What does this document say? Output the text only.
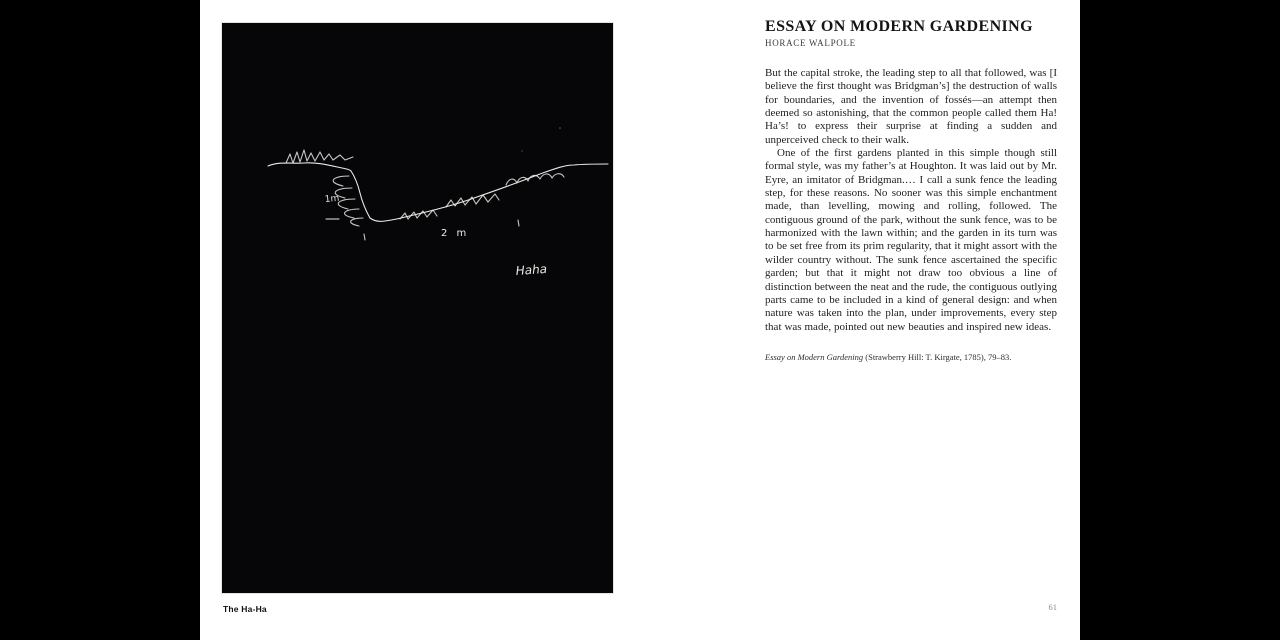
1m
2 m
Haha
The Ha-Ha
ESSAY ON MODERN GARDENING
HORACE WALPOLE

But the capital stroke, the leading step to all that followed, was [I believe the first thought was Bridgman’s] the destruction of walls for boundaries, and the invention of fossés—an attempt then deemed so astonishing, that the common people called them Ha! Ha’s! to express their surprise at finding a sudden and unperceived check to their walk.

One of the first gardens planted in this simple though still formal style, was my father’s at Houghton. It was laid out by Mr. Eyre, an imitator of Bridgman.… I call a sunk fence the leading step, for these reasons. No sooner was this simple enchantment made, than levelling, mowing and rolling, followed. The contiguous ground of the park, without the sunk fence, was to be harmonized with the lawn within; and the garden in its turn was to be set free from its prim regularity, that it might assort with the wilder country without. The sunk fence ascertained the specific garden; but that it might not draw too obvious a line of distinction between the neat and the rude, the contiguous outlying parts came to be included in a kind of general design: and when nature was taken into the plan, under improvements, every step that was made, pointed out new beauties and inspired new ideas.

Essay on Modern Gardening (Strawberry Hill: T. Kirgate, 1785), 79–83.

61
